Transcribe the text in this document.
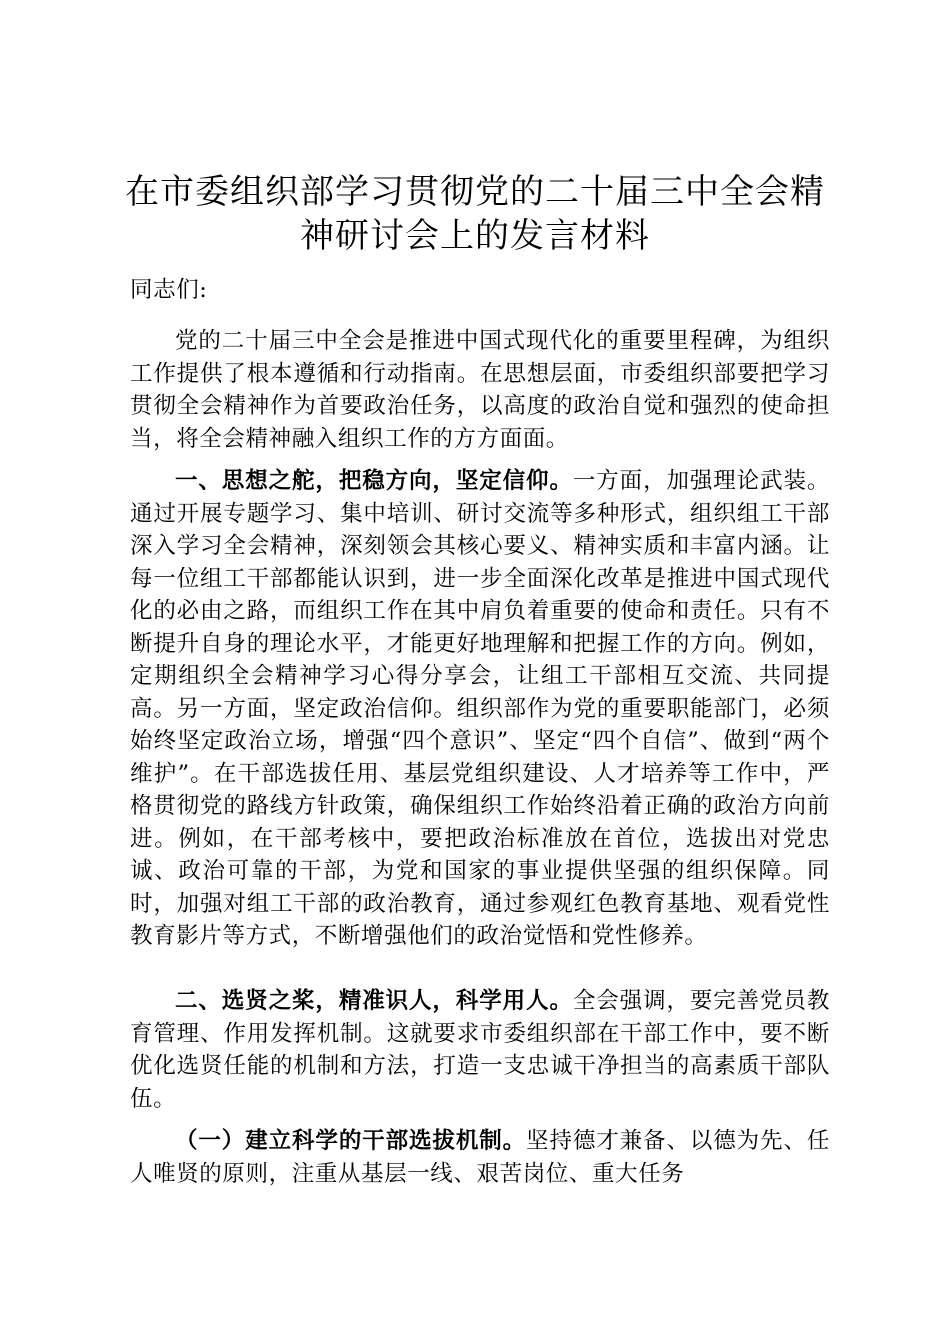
在市委组织部学习贯彻党的二十届三中全会精
神研讨会上的发言材料
同志们:
党的二十届三中全会是推进中国式现代化的重要里程碑，为组织工作提供了根本遵循和行动指南。在思想层面，市委组织部要把学习贯彻全会精神作为首要政治任务，以高度的政治自觉和强烈的使命担当，将全会精神融入组织工作的方方面面。
一、思想之舵，把稳方向，坚定信仰。一方面，加强理论武装。通过开展专题学习、集中培训、研讨交流等多种形式，组织组工干部深入学习全会精神，深刻领会其核心要义、精神实质和丰富内涵。让每一位组工干部都能认识到，进一步全面深化改革是推进中国式现代化的必由之路，而组织工作在其中肩负着重要的使命和责任。只有不断提升自身的理论水平，才能更好地理解和把握工作的方向。例如，定期组织全会精神学习心得分享会，让组工干部相互交流、共同提高。另一方面，坚定政治信仰。组织部作为党的重要职能部门，必须始终坚定政治立场，增强“四个意识”、坚定“四个自信”、做到“两个维护”。在干部选拔任用、基层党组织建设、人才培养等工作中，严格贯彻党的路线方针政策，确保组织工作始终沿着正确的政治方向前进。例如，在干部考核中，要把政治标准放在首位，选拔出对党忠诚、政治可靠的干部，为党和国家的事业提供坚强的组织保障。同时，加强对组工干部的政治教育，通过参观红色教育基地、观看党性教育影片等方式，不断增强他们的政治觉悟和党性修养。
二、选贤之桨，精准识人，科学用人。全会强调，要完善党员教育管理、作用发挥机制。这就要求市委组织部在干部工作中，要不断优化选贤任能的机制和方法，打造一支忠诚干净担当的高素质干部队伍。
（一）建立科学的干部选拔机制。坚持德才兼备、以德为先、任人唯贤的原则，注重从基层一线、艰苦岗位、重大任务
